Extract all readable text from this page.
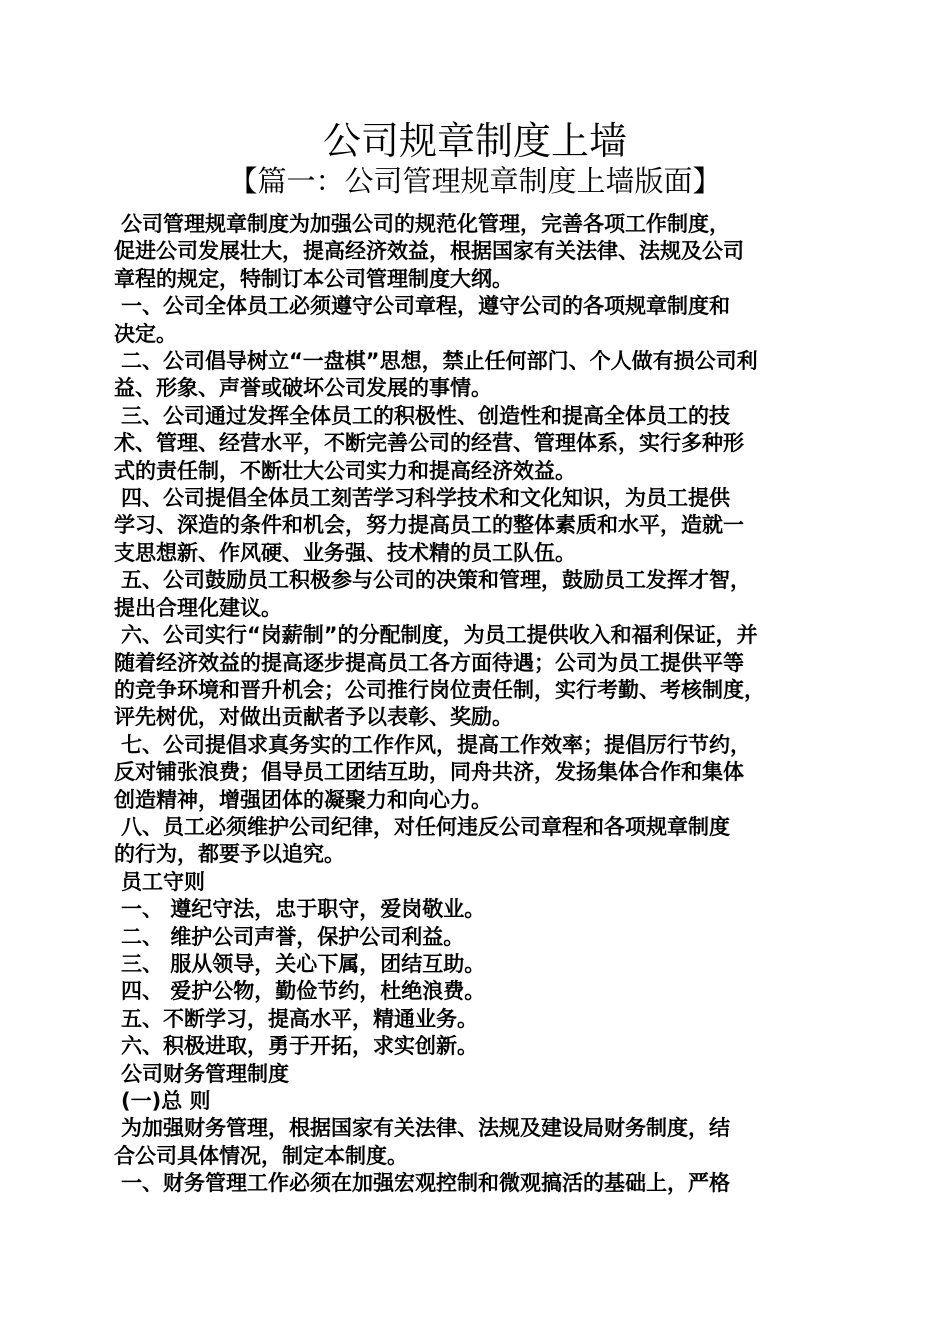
公司规章制度上墙
【篇一：公司管理规章制度上墙版面】
公司管理规章制度为加强公司的规范化管理，完善各项工作制度，
促进公司发展壮大，提高经济效益，根据国家有关法律、法规及公司
章程的规定，特制订本公司管理制度大纲。
一、公司全体员工必须遵守公司章程，遵守公司的各项规章制度和
决定。
二、公司倡导树立“一盘棋”思想，禁止任何部门、个人做有损公司利
益、形象、声誉或破坏公司发展的事情。
三、公司通过发挥全体员工的积极性、创造性和提高全体员工的技
术、管理、经营水平，不断完善公司的经营、管理体系，实行多种形
式的责任制，不断壮大公司实力和提高经济效益。
四、公司提倡全体员工刻苦学习科学技术和文化知识，为员工提供
学习、深造的条件和机会，努力提高员工的整体素质和水平，造就一
支思想新、作风硬、业务强、技术精的员工队伍。
五、公司鼓励员工积极参与公司的决策和管理，鼓励员工发挥才智，
提出合理化建议。
六、公司实行“岗薪制”的分配制度，为员工提供收入和福利保证，并
随着经济效益的提高逐步提高员工各方面待遇；公司为员工提供平等
的竞争环境和晋升机会；公司推行岗位责任制，实行考勤、考核制度，
评先树优，对做出贡献者予以表彰、奖励。
七、公司提倡求真务实的工作作风，提高工作效率；提倡厉行节约，
反对铺张浪费；倡导员工团结互助，同舟共济，发扬集体合作和集体
创造精神，增强团体的凝聚力和向心力。
八、员工必须维护公司纪律，对任何违反公司章程和各项规章制度
的行为，都要予以追究。
员工守则
一、 遵纪守法，忠于职守，爱岗敬业。
二、 维护公司声誉，保护公司利益。
三、 服从领导，关心下属，团结互助。
四、 爱护公物，勤俭节约，杜绝浪费。
五、不断学习，提高水平，精通业务。
六、积极进取，勇于开拓，求实创新。
公司财务管理制度
(一)总 则
为加强财务管理，根据国家有关法律、法规及建设局财务制度，结
合公司具体情况，制定本制度。
一、财务管理工作必须在加强宏观控制和微观搞活的基础上，严格
